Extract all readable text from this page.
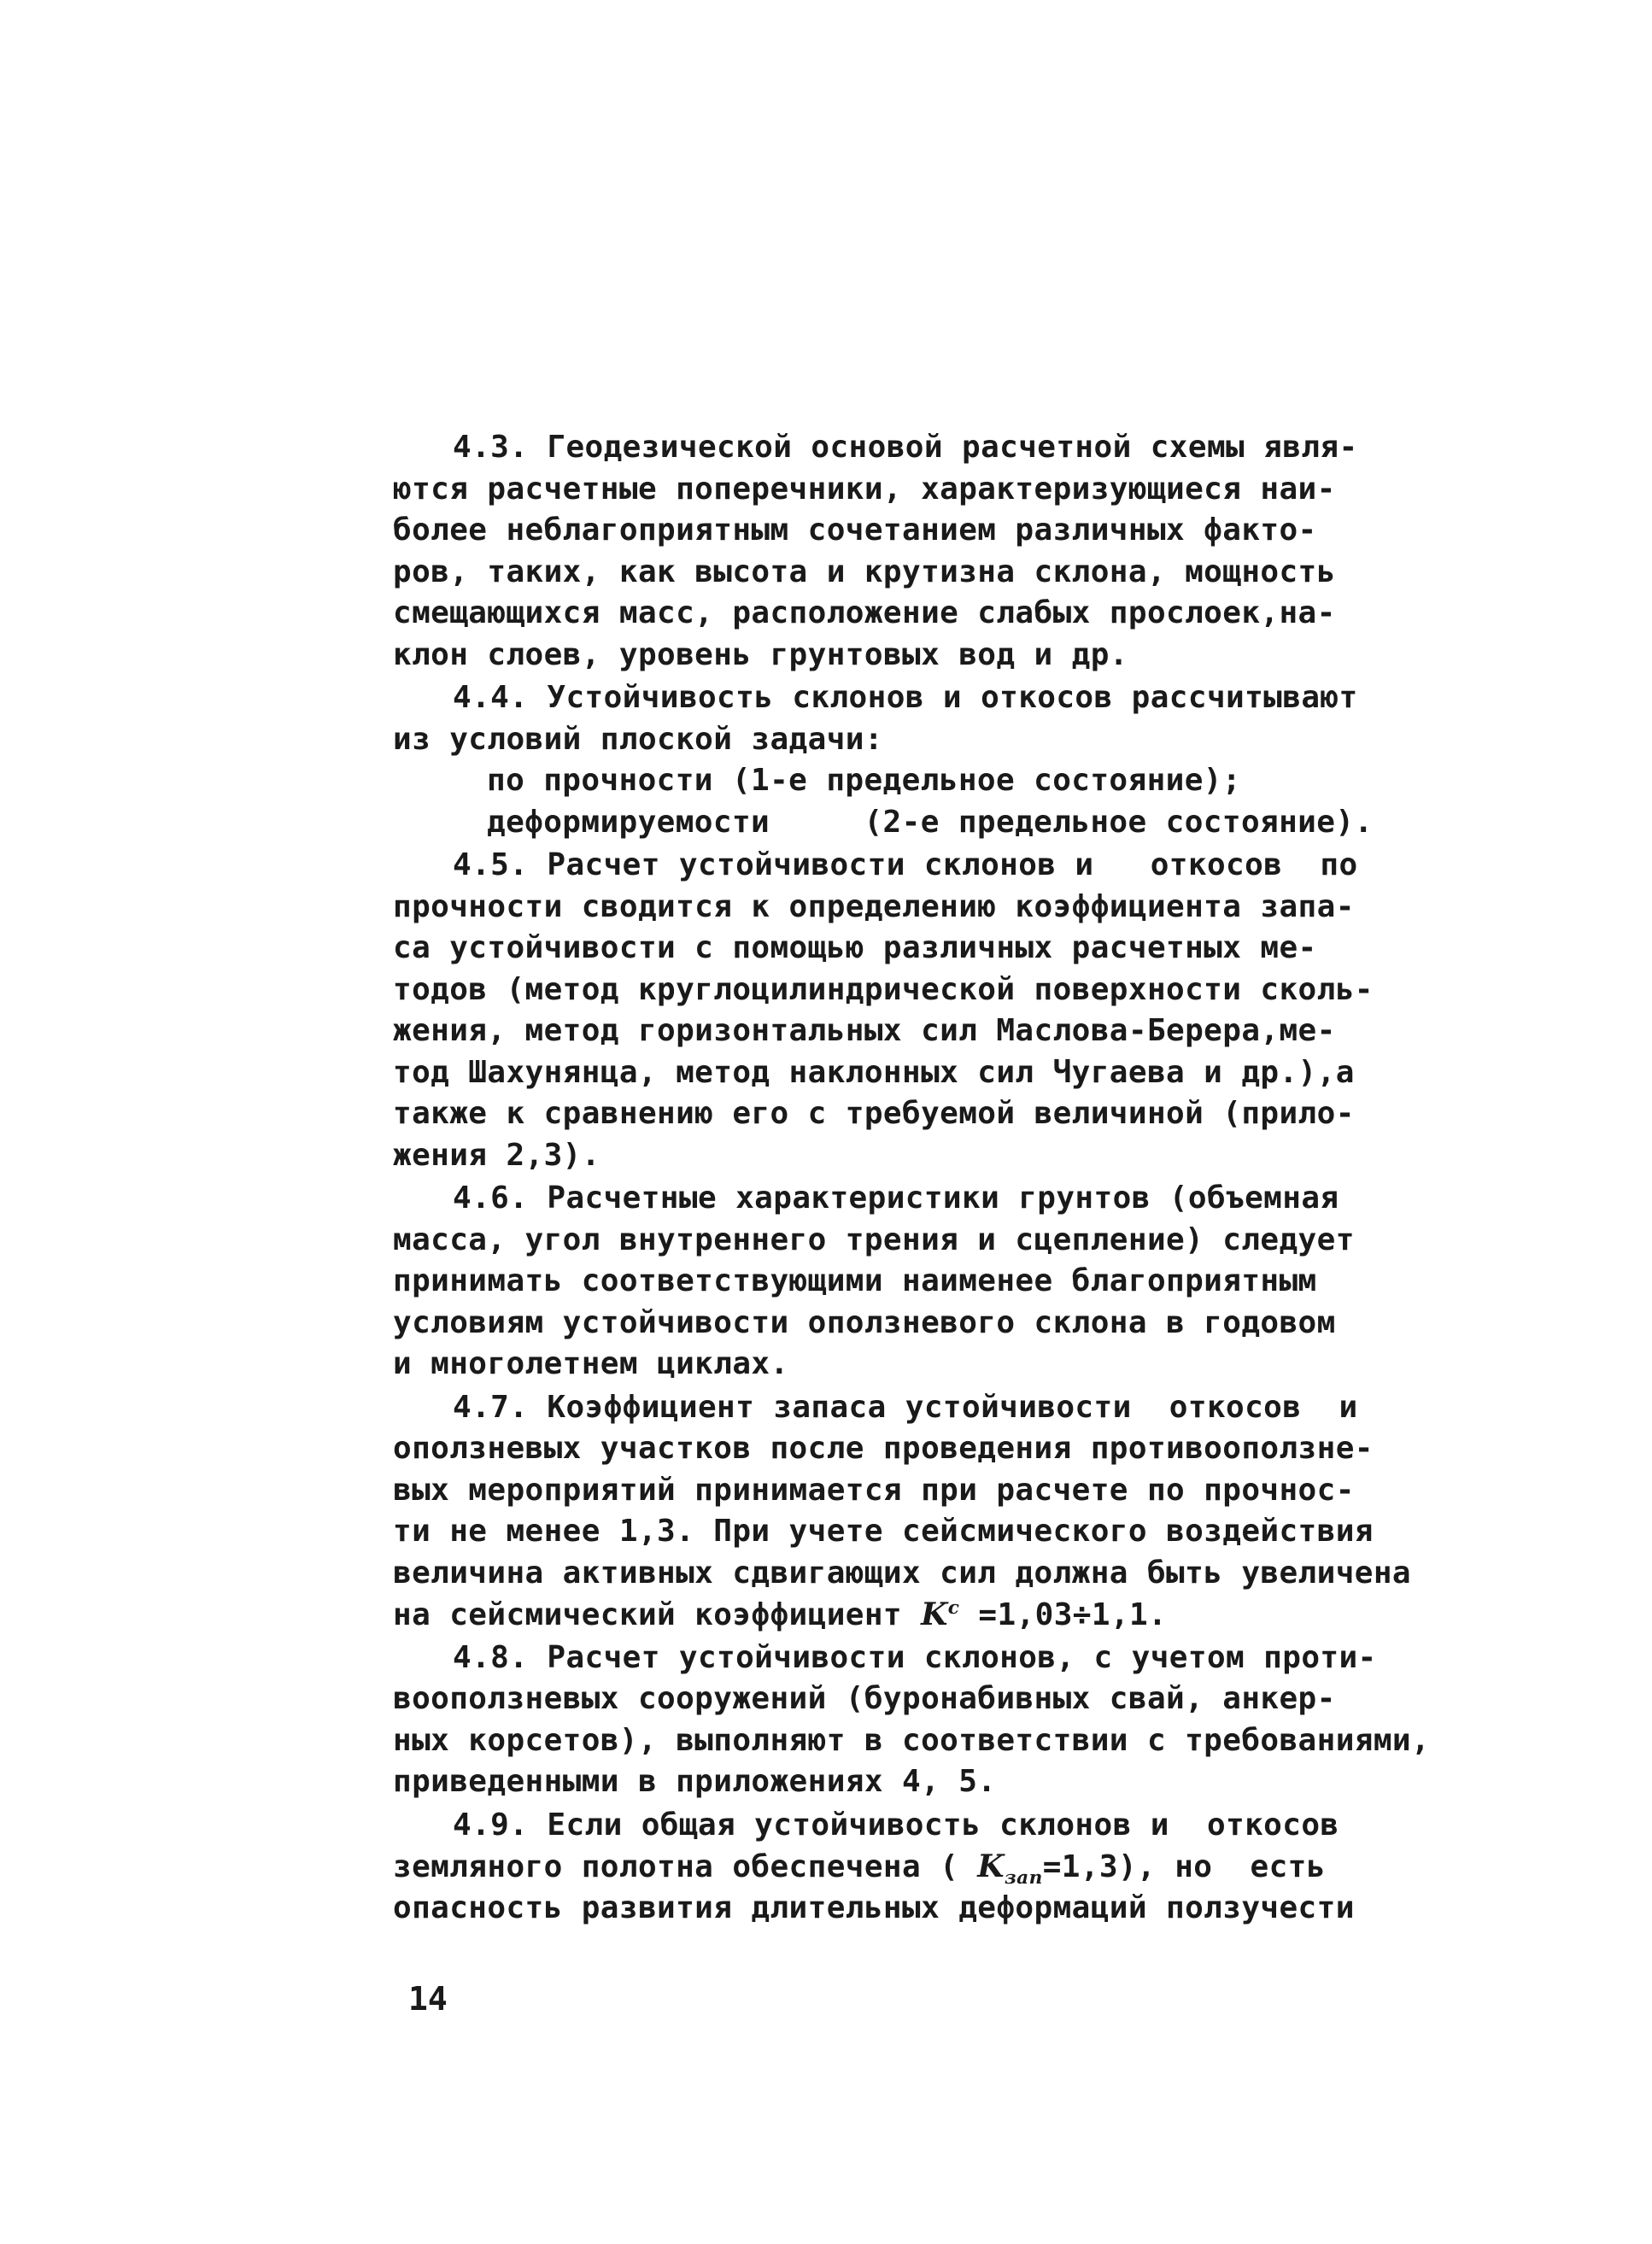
4.3. Геодезической основой расчетной схемы явля-
ются расчетные поперечники, характеризующиеся наи-
более неблагоприятным сочетанием различных факто-
ров, таких, как высота и крутизна склона, мощность
смещающихся масс, расположение слабых прослоек,на-
клон слоев, уровень грунтовых вод и др.
4.4. Устойчивость склонов и откосов рассчитывают
из условий плоской задачи:
по прочности (1-е предельное состояние);
деформируемости     (2-е предельное состояние).
4.5. Расчет устойчивости склонов и   откосов  по
прочности сводится к определению коэффициента запа-
са устойчивости с помощью различных расчетных ме-
тодов (метод круглоцилиндрической поверхности сколь-
жения, метод горизонтальных сил Маслова-Берера,ме-
тод Шахунянца, метод наклонных сил Чугаева и др.),а
также к сравнению его с требуемой величиной (прило-
жения 2,3).
4.6. Расчетные характеристики грунтов (объемная
масса, угол внутреннего трения и сцепление) следует
принимать соответствующими наименее благоприятным
условиям устойчивости оползневого склона в годовом
и многолетнем циклах.
4.7. Коэффициент запаса устойчивости  откосов  и
оползневых участков после проведения противооползне-
вых мероприятий принимается при расчете по прочнос-
ти не менее 1,3. При учете сейсмического воздействия
величина активных сдвигающих сил должна быть увеличена
на сейсмический коэффициент $K^c =1,03\div 1,1$.
4.8. Расчет устойчивости склонов, с учетом проти-
вооползневых сооружений (буронабивных свай, анкер-
ных корсетов), выполняют в соответствии с требованиями,
приведенными в приложениях 4, 5.
4.9. Если общая устойчивость склонов и  откосов
земляного полотна обеспечена ( $K_{зап}=1,3$), но  есть
опасность развития длительных деформаций ползучести
14
